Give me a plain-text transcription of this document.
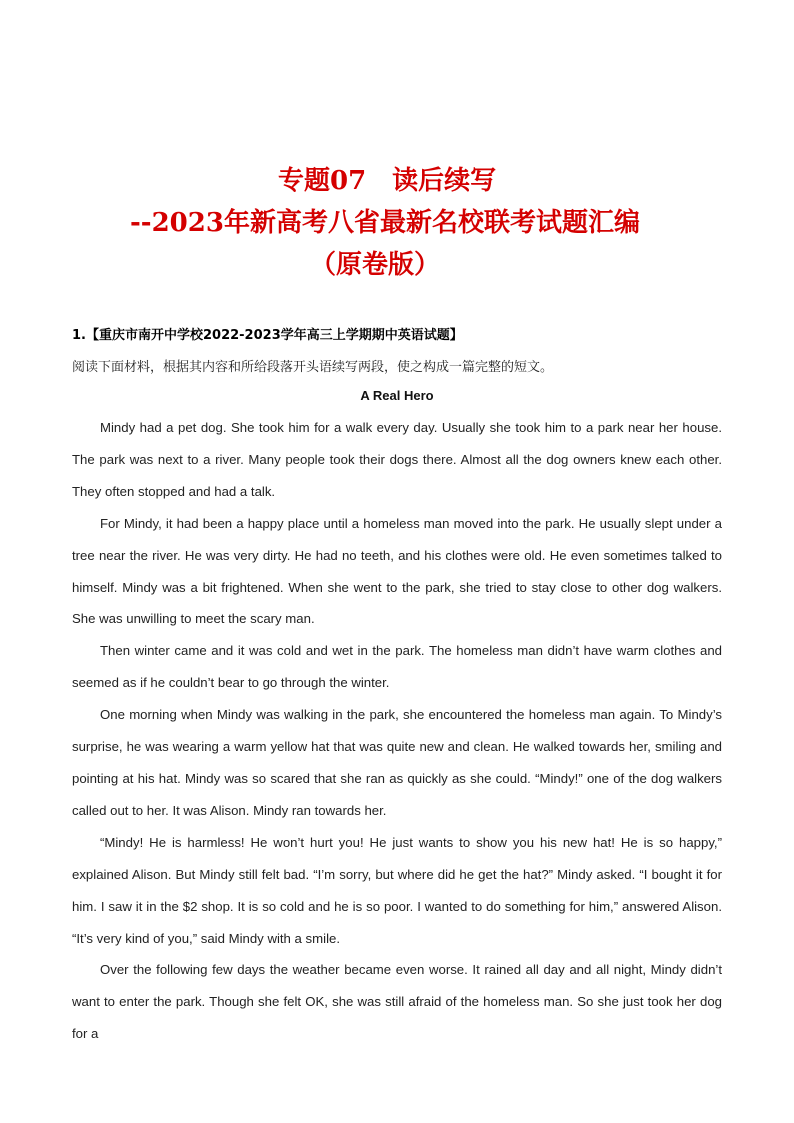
专题07　读后续写
--2023年新高考八省最新名校联考试题汇编
（原卷版）
1.【重庆市南开中学校2022-2023学年高三上学期期中英语试题】
阅读下面材料，根据其内容和所给段落开头语续写两段，使之构成一篇完整的短文。
A Real Hero

Mindy had a pet dog. She took him for a walk every day. Usually she took him to a park near her house. The park was next to a river. Many people took their dogs there. Almost all the dog owners knew each other. They often stopped and had a talk.

For Mindy, it had been a happy place until a homeless man moved into the park. He usually slept under a tree near the river. He was very dirty. He had no teeth, and his clothes were old. He even sometimes talked to himself. Mindy was a bit frightened. When she went to the park, she tried to stay close to other dog walkers. She was unwilling to meet the scary man.

Then winter came and it was cold and wet in the park. The homeless man didn’t have warm clothes and seemed as if he couldn’t bear to go through the winter.

One morning when Mindy was walking in the park, she encountered the homeless man again. To Mindy’s surprise, he was wearing a warm yellow hat that was quite new and clean. He walked towards her, smiling and pointing at his hat. Mindy was so scared that she ran as quickly as she could. “Mindy!” one of the dog walkers called out to her. It was Alison. Mindy ran towards her.

“Mindy! He is harmless! He won’t hurt you! He just wants to show you his new hat! He is so happy,” explained Alison. But Mindy still felt bad. “I’m sorry, but where did he get the hat?” Mindy asked. “I bought it for him. I saw it in the $2 shop. It is so cold and he is so poor. I wanted to do something for him,” answered Alison. “It’s very kind of you,” said Mindy with a smile.

Over the following few days the weather became even worse. It rained all day and all night, Mindy didn’t want to enter the park. Though she felt OK, she was still afraid of the homeless man. So she just took her dog for a
